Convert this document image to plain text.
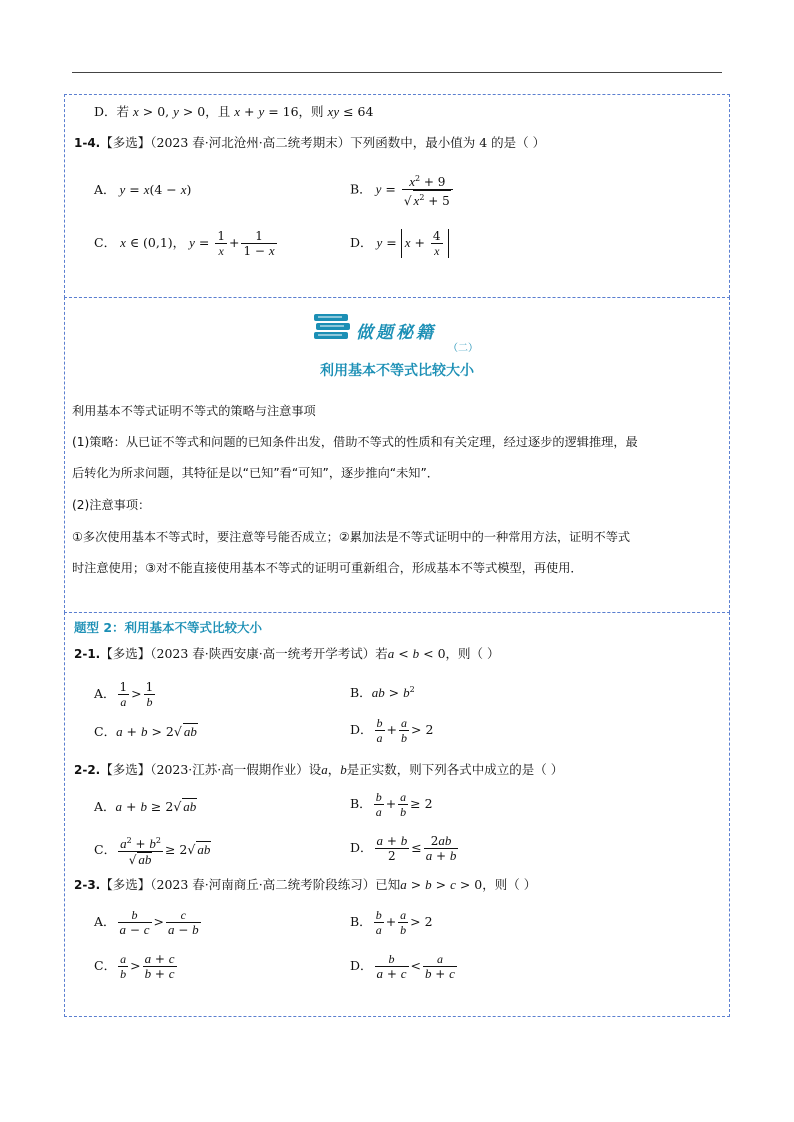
D．若 x > 0, y > 0，且 x + y = 16，则 xy ≤ 64
1-4.【多选】（2023 春·河北沧州·高二统考期末）下列函数中，最小值为 4 的是（ ）
A． y = x(4 − x)	B． $y = \frac{x^2 + 9}{√ x^2 + 5}$
C． x ∈ (0,1)， $y = \frac{1}{x} + \frac{1}{1 - x}$	D． $y = x + \frac{4}{x}$
做题秘籍
（二）
利用基本不等式比较大小
利用基本不等式证明不等式的策略与注意事项
(1)策略：从已证不等式和问题的已知条件出发，借助不等式的性质和有关定理，经过逐步的逻辑推理，最
后转化为所求问题，其特征是以“已知”看“可知”，逐步推向“未知”．
(2)注意事项：
①多次使用基本不等式时，要注意等号能否成立；②累加法是不等式证明中的一种常用方法，证明不等式
时注意使用；③对不能直接使用基本不等式的证明可重新组合，形成基本不等式模型，再使用．
题型 2：利用基本不等式比较大小
2-1.【多选】（2023 春·陕西安康·高一统考开学考试）若a < b < 0，则（ ）
A． $\frac{1}{a} > \frac{1}{b}$	B．ab > $b^2$
C．a + b > 2√ ab	D． $\frac{b}{a} + \frac{a}{b} > 2$
2-2.【多选】（2023·江苏·高一假期作业）设a，b是正实数，则下列各式中成立的是（ ）
A．a + b ≥ 2√ ab	B． $\frac{b}{a} + \frac{a}{b} \ge 2$
C． $\frac{a^2 + b^2}{√ ab} \ge 2√$ ab	D． $\frac{a + b}{2} \le \frac{2ab}{a + b}$
2-3.【多选】（2023 春·河南商丘·高二统考阶段练习）已知a > b > c > 0，则（ ）
A． $\frac{b}{a - c} > \frac{c}{a - b}$	B． $\frac{b}{a} + \frac{a}{b} > 2$
C． $\frac{a}{b} > \frac{a + c}{b + c}$	D． $\frac{b}{a + c} < \frac{a}{b + c}$
